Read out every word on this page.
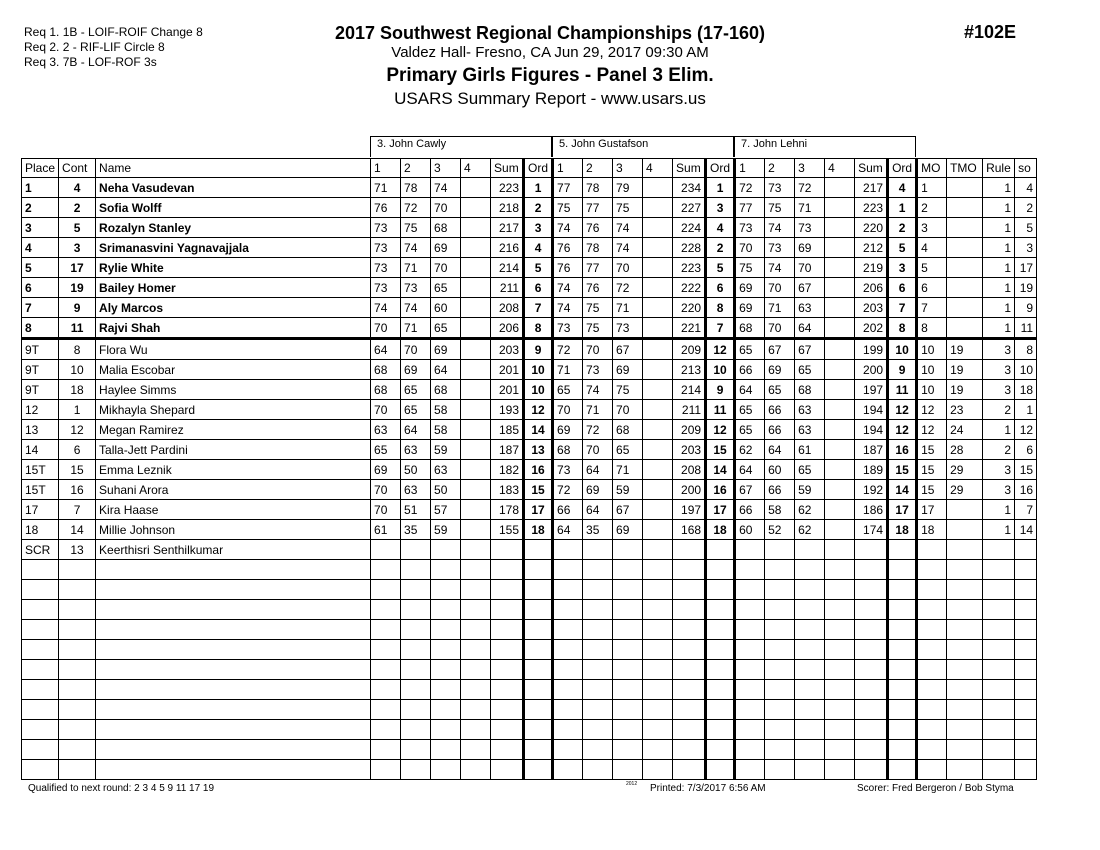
Req 1. 1B - LOIF-ROIF Change 8
Req 2. 2 - RIF-LIF Circle 8
Req 3. 7B - LOF-ROF 3s
2017 Southwest Regional Championships (17-160)
Valdez Hall- Fresno, CA Jun 29, 2017 09:30 AM
Primary Girls Figures - Panel 3 Elim.
USARS Summary Report - www.usars.us
#102E
3. John Cawly	5. John Gustafson	7. John Lehni
Place	Cont	Name	1	2	3	4	Sum	Ord	1	2	3	4	Sum	Ord	1	2	3	4	Sum	Ord	MO	TMO	Rule	so
1	4	Neha Vasudevan	71	78	74		223	1	77	78	79		234	1	72	73	72		217	4	1		1	4
2	2	Sofia Wolff	76	72	70		218	2	75	77	75		227	3	77	75	71		223	1	2		1	2
3	5	Rozalyn Stanley	73	75	68		217	3	74	76	74		224	4	73	74	73		220	2	3		1	5
4	3	Srimanasvini Yagnavajjala	73	74	69		216	4	76	78	74		228	2	70	73	69		212	5	4		1	3
5	17	Rylie White	73	71	70		214	5	76	77	70		223	5	75	74	70		219	3	5		1	17
6	19	Bailey Homer	73	73	65		211	6	74	76	72		222	6	69	70	67		206	6	6		1	19
7	9	Aly Marcos	74	74	60		208	7	74	75	71		220	8	69	71	63		203	7	7		1	9
8	11	Rajvi Shah	70	71	65		206	8	73	75	73		221	7	68	70	64		202	8	8		1	11
9T	8	Flora Wu	64	70	69		203	9	72	70	67		209	12	65	67	67		199	10	10	19	3	8
9T	10	Malia Escobar	68	69	64		201	10	71	73	69		213	10	66	69	65		200	9	10	19	3	10
9T	18	Haylee Simms	68	65	68		201	10	65	74	75		214	9	64	65	68		197	11	10	19	3	18
12	1	Mikhayla Shepard	70	65	58		193	12	70	71	70		211	11	65	66	63		194	12	12	23	2	1
13	12	Megan Ramirez	63	64	58		185	14	69	72	68		209	12	65	66	63		194	12	12	24	1	12
14	6	Talla-Jett Pardini	65	63	59		187	13	68	70	65		203	15	62	64	61		187	16	15	28	2	6
15T	15	Emma Leznik	69	50	63		182	16	73	64	71		208	14	64	60	65		189	15	15	29	3	15
15T	16	Suhani Arora	70	63	50		183	15	72	69	59		200	16	67	66	59		192	14	15	29	3	16
17	7	Kira Haase	70	51	57		178	17	66	64	67		197	17	66	58	62		186	17	17		1	7
18	14	Millie Johnson	61	35	59		155	18	64	35	69		168	18	60	52	62		174	18	18		1	14
SCR	13	Keerthisri Senthilkumar																						

Qualified to next round: 2 3 4 5 9 11 17 19	2012 Printed: 7/3/2017 6:56 AM	Scorer: Fred Bergeron / Bob Styma
